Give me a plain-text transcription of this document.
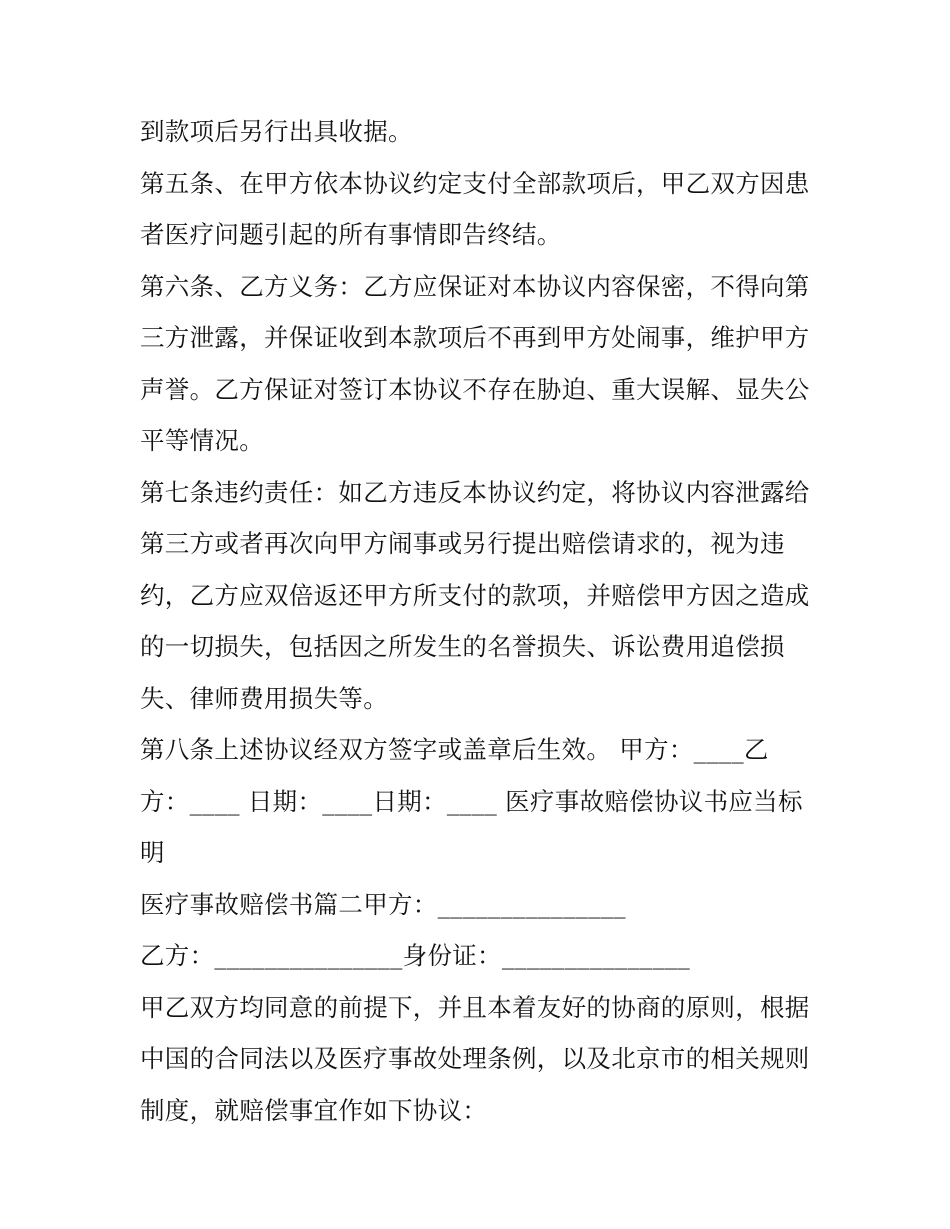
到款项后另行出具收据。
第五条、在甲方依本协议约定支付全部款项后，甲乙双方因患
者医疗问题引起的所有事情即告终结。
第六条、乙方义务：乙方应保证对本协议内容保密，不得向第
三方泄露，并保证收到本款项后不再到甲方处闹事，维护甲方
声誉。乙方保证对签订本协议不存在胁迫、重大误解、显失公
平等情况。
第七条违约责任：如乙方违反本协议约定，将协议内容泄露给
第三方或者再次向甲方闹事或另行提出赔偿请求的，视为违
约，乙方应双倍返还甲方所支付的款项，并赔偿甲方因之造成
的一切损失，包括因之所发生的名誉损失、诉讼费用追偿损
失、律师费用损失等。
第八条上述协议经双方签字或盖章后生效。 甲方：____乙
方：____ 日期：____日期：____ 医疗事故赔偿协议书应当标
明
医疗事故赔偿书篇二甲方：_______________
乙方：_______________身份证：_______________
甲乙双方均同意的前提下，并且本着友好的协商的原则，根据
中国的合同法以及医疗事故处理条例，以及北京市的相关规则
制度，就赔偿事宜作如下协议：
